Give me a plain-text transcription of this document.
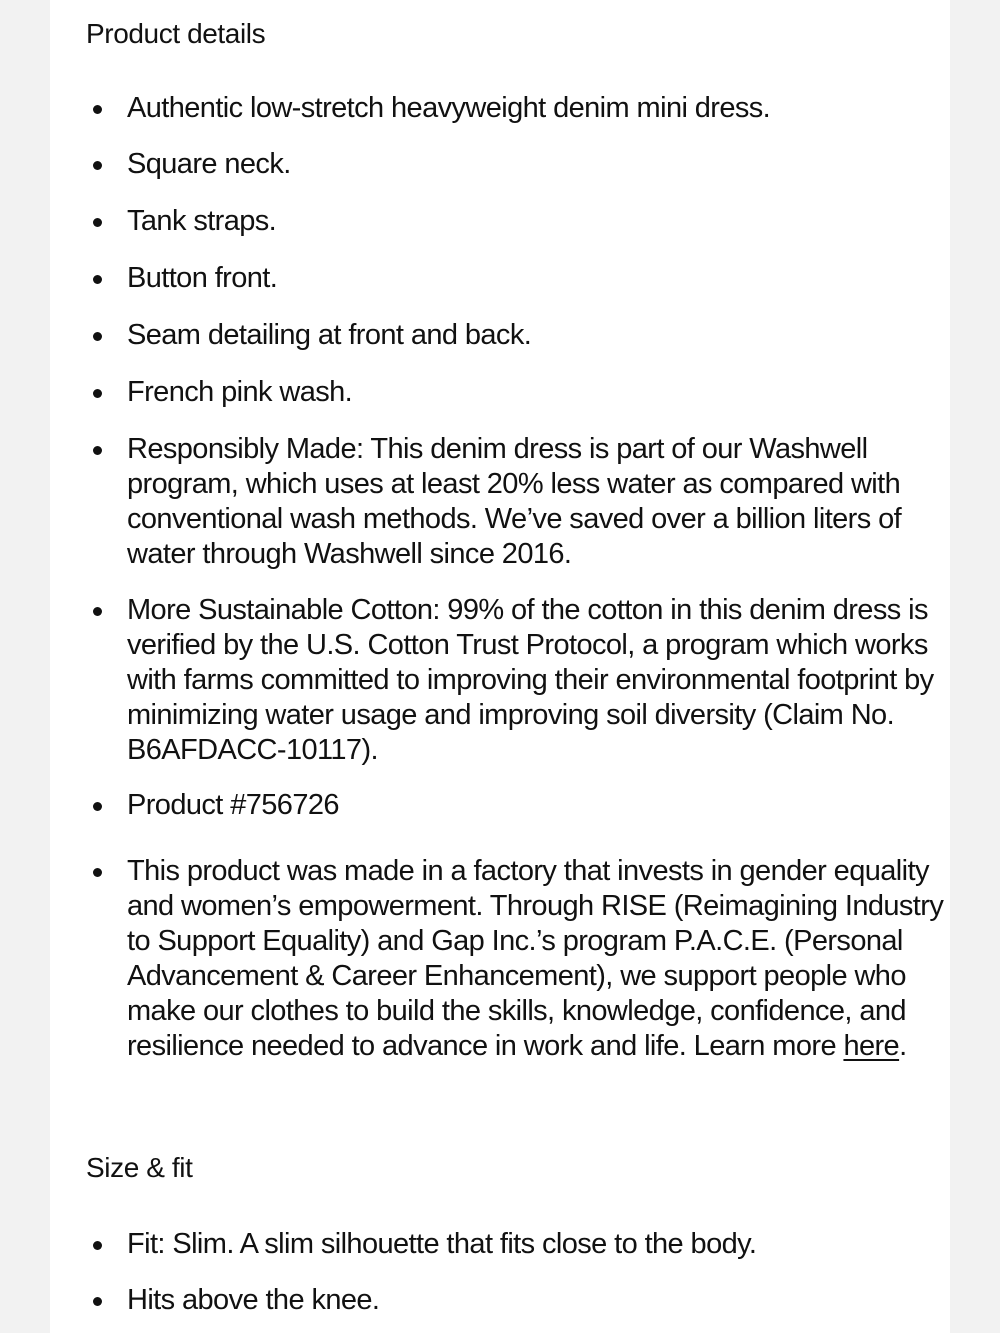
Product details
Authentic low-stretch heavyweight denim mini dress.
Square neck.
Tank straps.
Button front.
Seam detailing at front and back.
French pink wash.
Responsibly Made: This denim dress is part of our Washwell program, which uses at least 20% less water as compared with conventional wash methods. We’ve saved over a billion liters of water through Washwell since 2016.
More Sustainable Cotton: 99% of the cotton in this denim dress is verified by the U.S. Cotton Trust Protocol, a program which works with farms committed to improving their environmental footprint by minimizing water usage and improving soil diversity (Claim No. B6AFDACC-10117).
Product #756726
This product was made in a factory that invests in gender equality and women’s empowerment. Through RISE (Reimagining Industry to Support Equality) and Gap Inc.’s program P.A.C.E. (Personal Advancement & Career Enhancement), we support people who make our clothes to build the skills, knowledge, confidence, and resilience needed to advance in work and life. Learn more here.
Size & fit
Fit: Slim. A slim silhouette that fits close to the body.
Hits above the knee.
